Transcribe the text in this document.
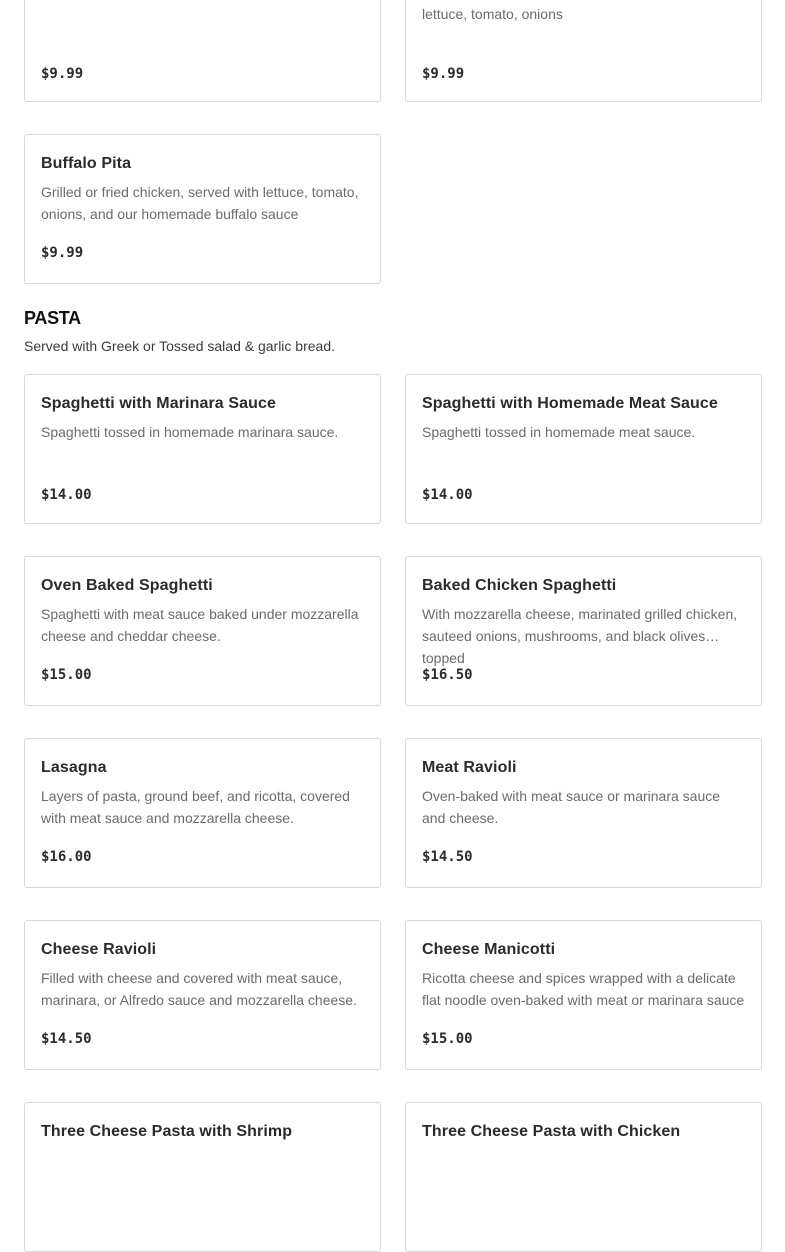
$9.99
lettuce, tomato, onions
$9.99
Buffalo Pita
Grilled or fried chicken, served with lettuce, tomato, onions, and our homemade buffalo sauce
$9.99
PASTA
Served with Greek or Tossed salad & garlic bread.
Spaghetti with Marinara Sauce
Spaghetti tossed in homemade marinara sauce.
$14.00
Spaghetti with Homemade Meat Sauce
Spaghetti tossed in homemade meat sauce.
$14.00
Oven Baked Spaghetti
Spaghetti with meat sauce baked under mozzarella cheese and cheddar cheese.
$15.00
Baked Chicken Spaghetti
With mozzarella cheese, marinated grilled chicken, sauteed onions, mushrooms, and black olives topped
$16.50
Lasagna
Layers of pasta, ground beef, and ricotta, covered with meat sauce and mozzarella cheese.
$16.00
Meat Ravioli
Oven-baked with meat sauce or marinara sauce and cheese.
$14.50
Cheese Ravioli
Filled with cheese and covered with meat sauce, marinara, or Alfredo sauce and mozzarella cheese.
$14.50
Cheese Manicotti
Ricotta cheese and spices wrapped with a delicate flat noodle oven-baked with meat or marinara sauce
$15.00
Three Cheese Pasta with Shrimp	Three Cheese Pasta with Chicken
